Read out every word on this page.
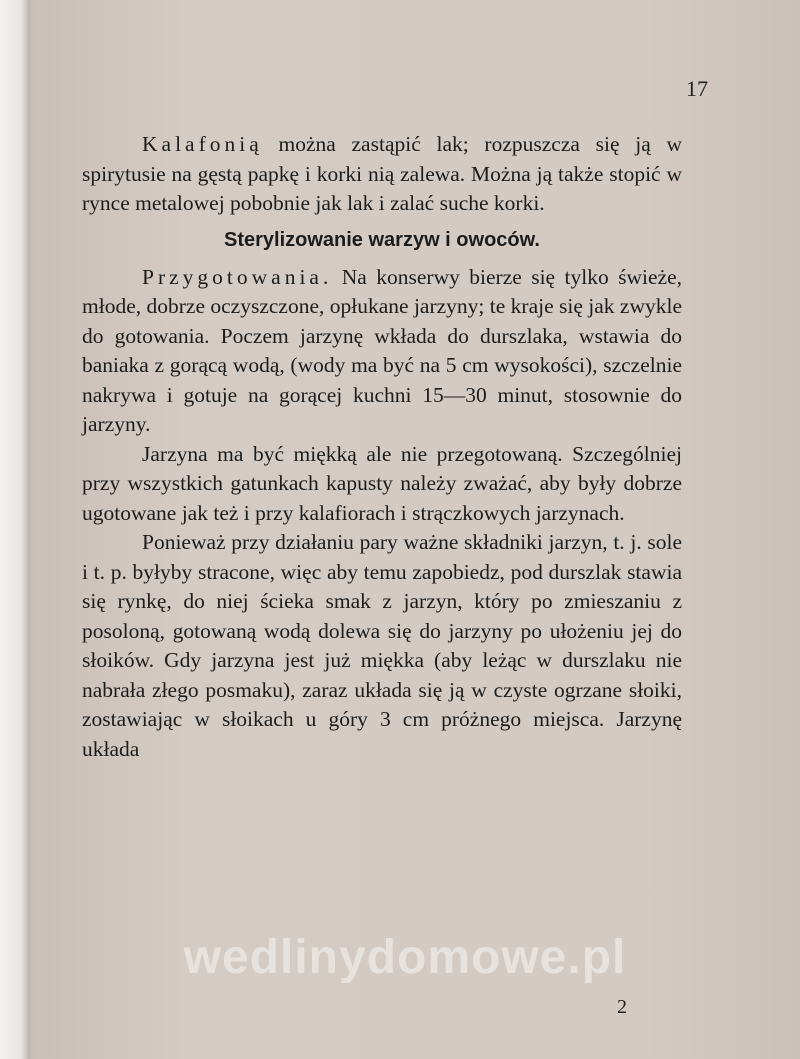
17

Kalafonią można zastąpić lak; rozpuszcza się ją w spirytusie na gęstą papkę i korki nią zalewa. Można ją także stopić w rynce metalowej pobobnie jak lak i zalać suche korki.

Sterylizowanie warzyw i owoców.

Przygotowania. Na konserwy bierze się tylko świeże, młode, dobrze oczyszczone, opłukane jarzyny; te kraje się jak zwykle do gotowania. Poczem jarzynę wkłada do durszlaka, wstawia do baniaka z gorącą wodą, (wody ma być na 5 cm wysokości), szczelnie nakrywa i gotuje na gorącej kuchni 15—30 minut, stosownie do jarzyny.

Jarzyna ma być miękką ale nie przegotowaną. Szczególniej przy wszystkich gatunkach kapusty należy zważać, aby były dobrze ugotowane jak też i przy kalafiorach i strączkowych jarzynach.

Ponieważ przy działaniu pary ważne składniki jarzyn, t. j. sole i t. p. byłyby stracone, więc aby temu zapobiedz, pod durszlak stawia się rynkę, do niej ścieka smak z jarzyn, który po zmieszaniu z posoloną, gotowaną wodą dolewa się do jarzyny po ułożeniu jej do słoików. Gdy jarzyna jest już miękka (aby leżąc w durszlaku nie nabrała złego posmaku), zaraz układa się ją w czyste ogrzane słoiki, zostawiając w słoikach u góry 3 cm próżnego miejsca. Jarzynę układa

2
wedlinydomowe.pl
